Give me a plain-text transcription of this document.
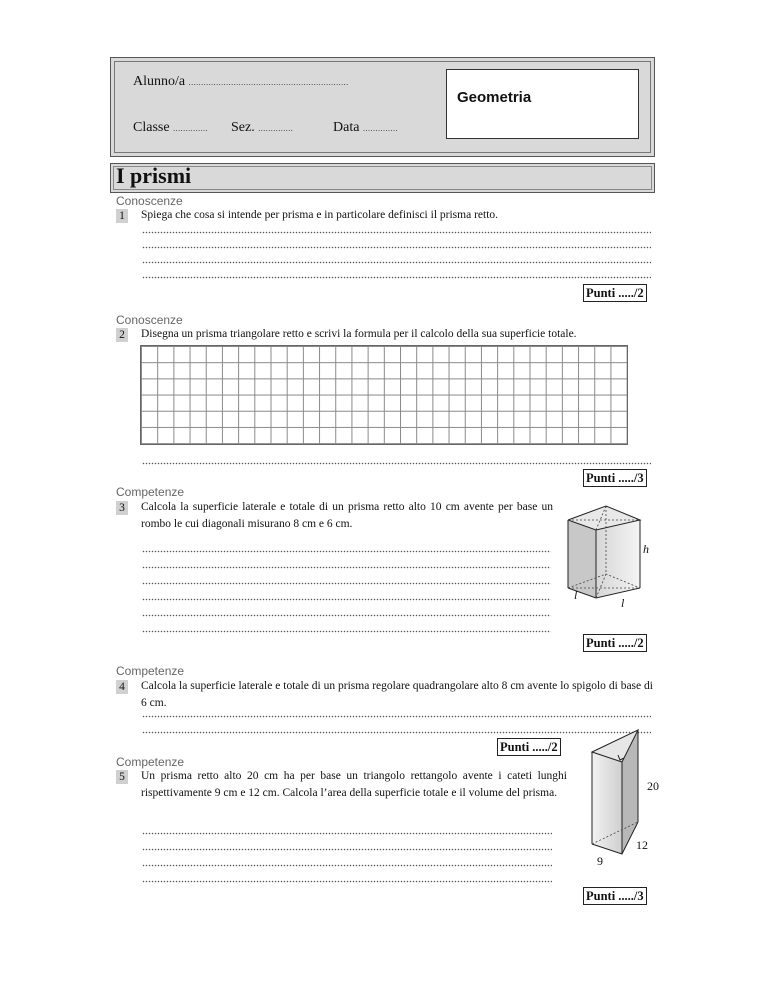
Alunno/a ................................................................
Classe .............. Sez. ..............	Data ..............
Geometria
I prismi
Conoscenze
1 Spiega che cosa si intende per prisma e in particolare definisci il prisma retto.
Punti ...../2
Conoscenze
2 Disegna un prisma triangolare retto e scrivi la formula per il calcolo della sua superficie totale.
Punti ...../3
Competenze
3 Calcola la superficie laterale e totale di un prisma retto alto 10 cm avente per base un rombo le cui diagonali misurano 8 cm e 6 cm.
h
l
l
Punti ...../2
Competenze
4 Calcola la superficie laterale e totale di un prisma regolare quadrangolare alto 8 cm avente lo spigolo di base di 6 cm.
Punti ...../2
Competenze
5 Un prisma retto alto 20 cm ha per base un triangolo rettangolo avente i cateti lunghi rispettivamente 9 cm e 12 cm. Calcola l’area della superficie totale e il volume del prisma.	20
12
9
Punti ...../3
